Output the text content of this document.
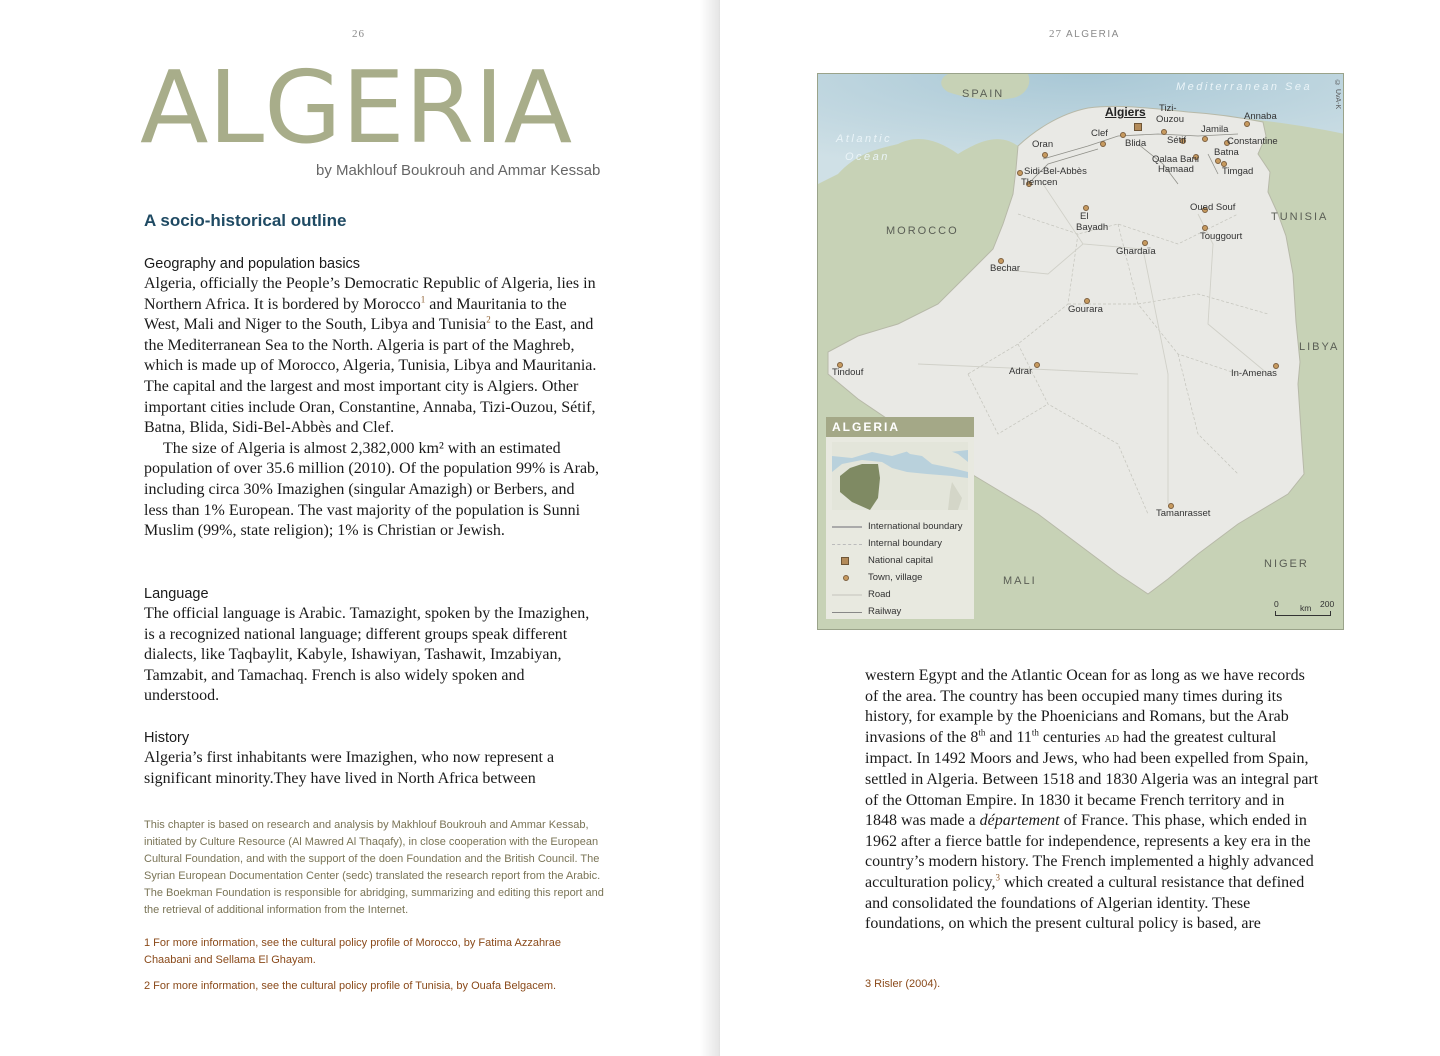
26
ALGERIA
by Makhlouf Boukrouh and Ammar Kessab
A socio-historical outline
Geography and population basics

Algeria, officially the People’s Democratic Republic of Algeria, lies in Northern Africa. It is bordered by Morocco$^1$ and Mauritania to the West, Mali and Niger to the South, Libya and Tunisia$^2$ to the East, and the Mediterranean Sea to the North. Algeria is part of the Maghreb, which is made up of Morocco, Algeria, Tunisia, Libya and Mauritania. The capital and the largest and most important city is Algiers. Other important cities include Oran, Constantine, Annaba, Tizi-Ouzou, Sétif, Batna, Blida, Sidi-Bel-Abbès and Clef.

The size of Algeria is almost 2,382,000 km² with an estimated population of over 35.6 million (2010). Of the population 99% is Arab, including circa 30% Imazighen (singular Amazigh) or Berbers, and less than 1% European. The vast majority of the population is Sunni Muslim (99%, state religion); 1% is Christian or Jewish.

Language

The official language is Arabic. Tamazight, spoken by the Imazighen, is a recognized national language; different groups speak different dialects, like Taqbaylit, Kabyle, Ishawiyan, Tashawit, Imzabiyan, Tamzabit, and Tamachaq. French is also widely spoken and understood.

History

Algeria’s first inhabitants were Imazighen, who now represent a significant minority.They have lived in North Africa between

This chapter is based on research and analysis by Makhlouf Boukrouh and Ammar Kessab, initiated by Culture Resource (Al Mawred Al Thaqafy), in close cooperation with the European Cultural Foundation, and with the support of the doen Foundation and the British Council. The Syrian European Documentation Center (sedc) translated the research report from the Arabic. The Boekman Foundation is responsible for abridging, summarizing and editing this report and the retrieval of additional information from the Internet.
1 For more information, see the cultural policy profile of Morocco, by Fatima Azzahrae Chaabani and Sellama El Ghayam.
2 For more information, see the cultural policy profile of Tunisia, by Ouafa Belgacem.
27 ALGERIA
© UvA-K
SPAIN
MOROCCO
TUNISIA
LIBYA
MALI
NIGER
Mediterranean Sea
Atlantic
Ocean
Algiers Tizi-
Ouzou	Annaba
Jamila
Clef
Blida
Oran	Sétif	Constantine
Batna
Qalaa Bani
Hamaad	Timgad
Sidi-Bel-Abbès
Tlemcen
Oued Souf
El
Bayadh
Touggourt
Ghardaïa
Bechar
Gourara
Tindouf	Adrar	In-Amenas
Tamanrasset
ALGERIA
International boundary
Internal boundary
National capital
Town, village
Road
Railway
0	km 200

western Egypt and the Atlantic Ocean for as long as we have records of the area. The country has been occupied many times during its history, for example by the Phoenicians and Romans, but the Arab invasions of the 8th and 11th centuries ad had the greatest cultural impact. In 1492 Moors and Jews, who had been expelled from Spain, settled in Algeria. Between 1518 and 1830 Algeria was an integral part of the Ottoman Empire. In 1830 it became French territory and in 1848 was made a département of France. This phase, which ended in 1962 after a fierce battle for independence, represents a key era in the country’s modern history. The French implemented a highly advanced acculturation policy,$^3$ which created a cultural resistance that defined and consolidated the foundations of Algerian identity. These foundations, on which the present cultural policy is based, are

3 Risler (2004).
